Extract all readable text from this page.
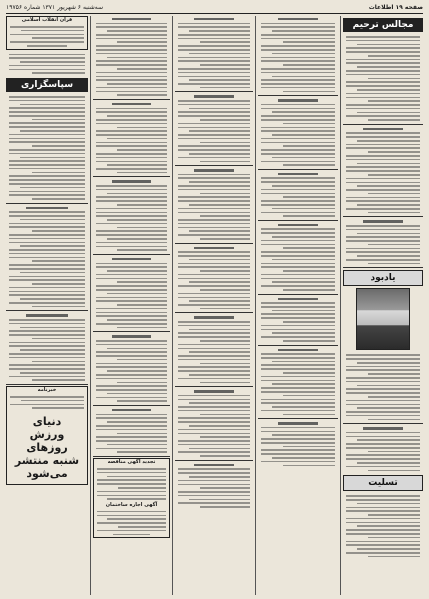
سه‌شنبه ۶ شهریور ۱۳۷۱ شماره ۱۹۷۵۶	صفحه ۱۹ اطلاعات
قرآن انقلاب اسلامی
سپاسگزاری
خبرنامه
دنیای
ورزش
روزهای
شنبه منتشر
می‌شود
تجدید آگهی مناقصه
آگهی اجاره ساختمان
مجالس ترحیم
یادبود
تسلیت
